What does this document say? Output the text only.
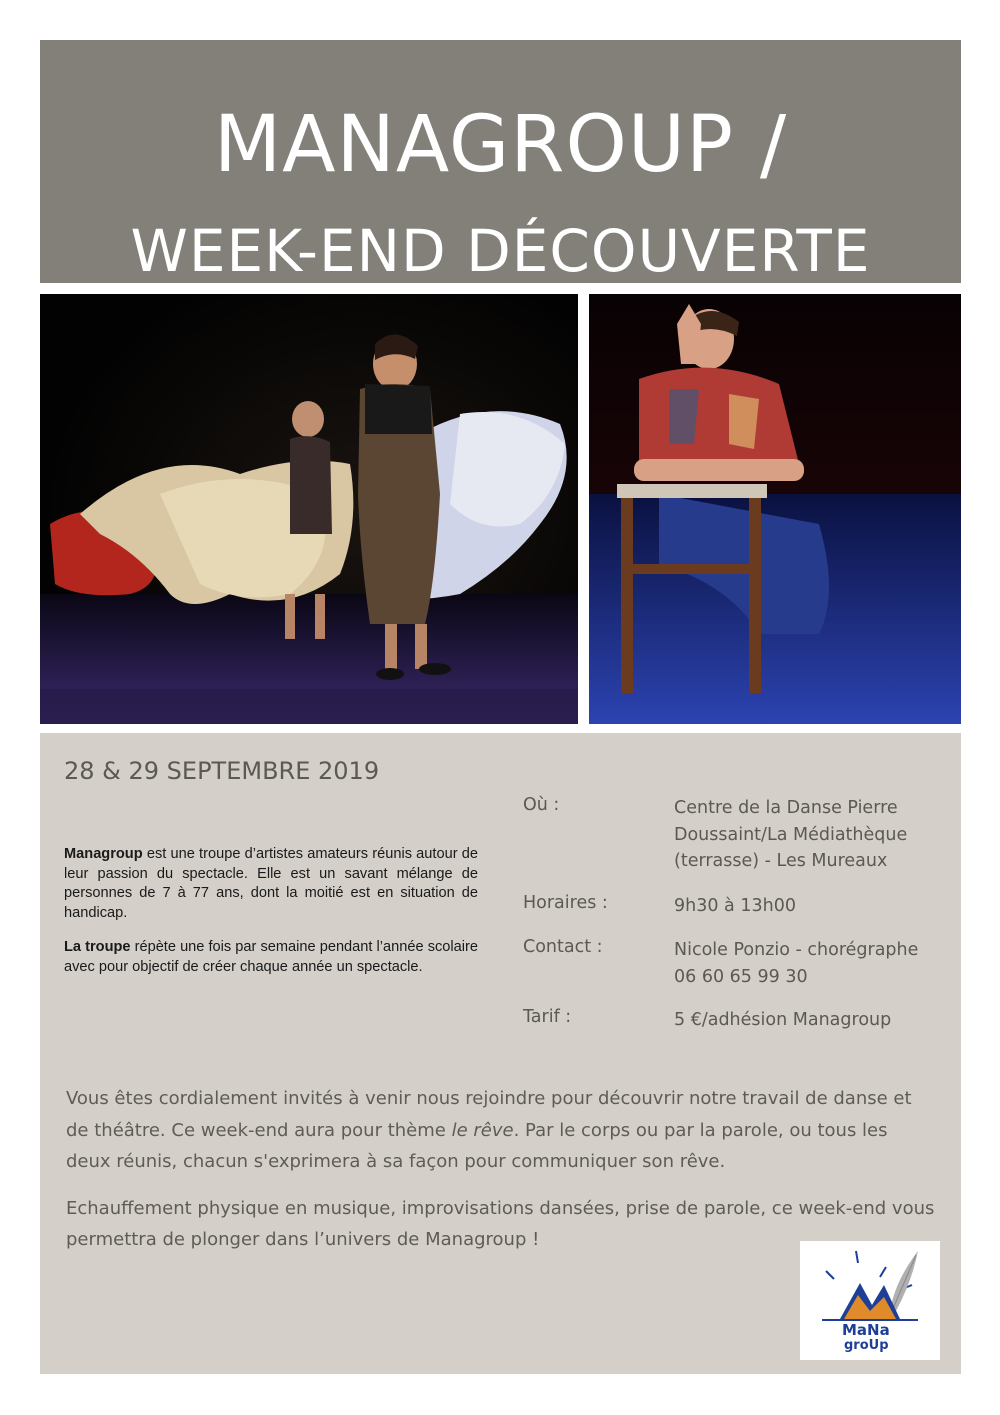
MANAGROUP /
WEEK-END DÉCOUVERTE
28 & 29 SEPTEMBRE 2019

Managroup est une troupe d’artistes amateurs réunis autour de leur passion du spectacle. Elle est un savant mélange de personnes de 7 à 77 ans, dont la moitié est en situation de handicap.

La troupe répète une fois par semaine pendant l’année scolaire avec pour objectif de créer chaque année un spectacle.

Où :	Centre de la Danse Pierre
Doussaint/La Médiathèque
(terrasse) - Les Mureaux
Horaires :	9h30 à 13h00
Contact :	Nicole Ponzio - chorégraphe
06 60 65 99 30
Tarif :	5 €/adhésion Managroup

Vous êtes cordialement invités à venir nous rejoindre pour découvrir notre travail de danse et de théâtre. Ce week-end aura pour thème le rêve. Par le corps ou par la parole, ou tous les deux réunis, chacun s'exprimera à sa façon pour communiquer son rêve.

Echauffement physique en musique, improvisations dansées, prise de parole, ce week-end vous permettra de plonger dans l’univers de Managroup !

MaNa
groUp
